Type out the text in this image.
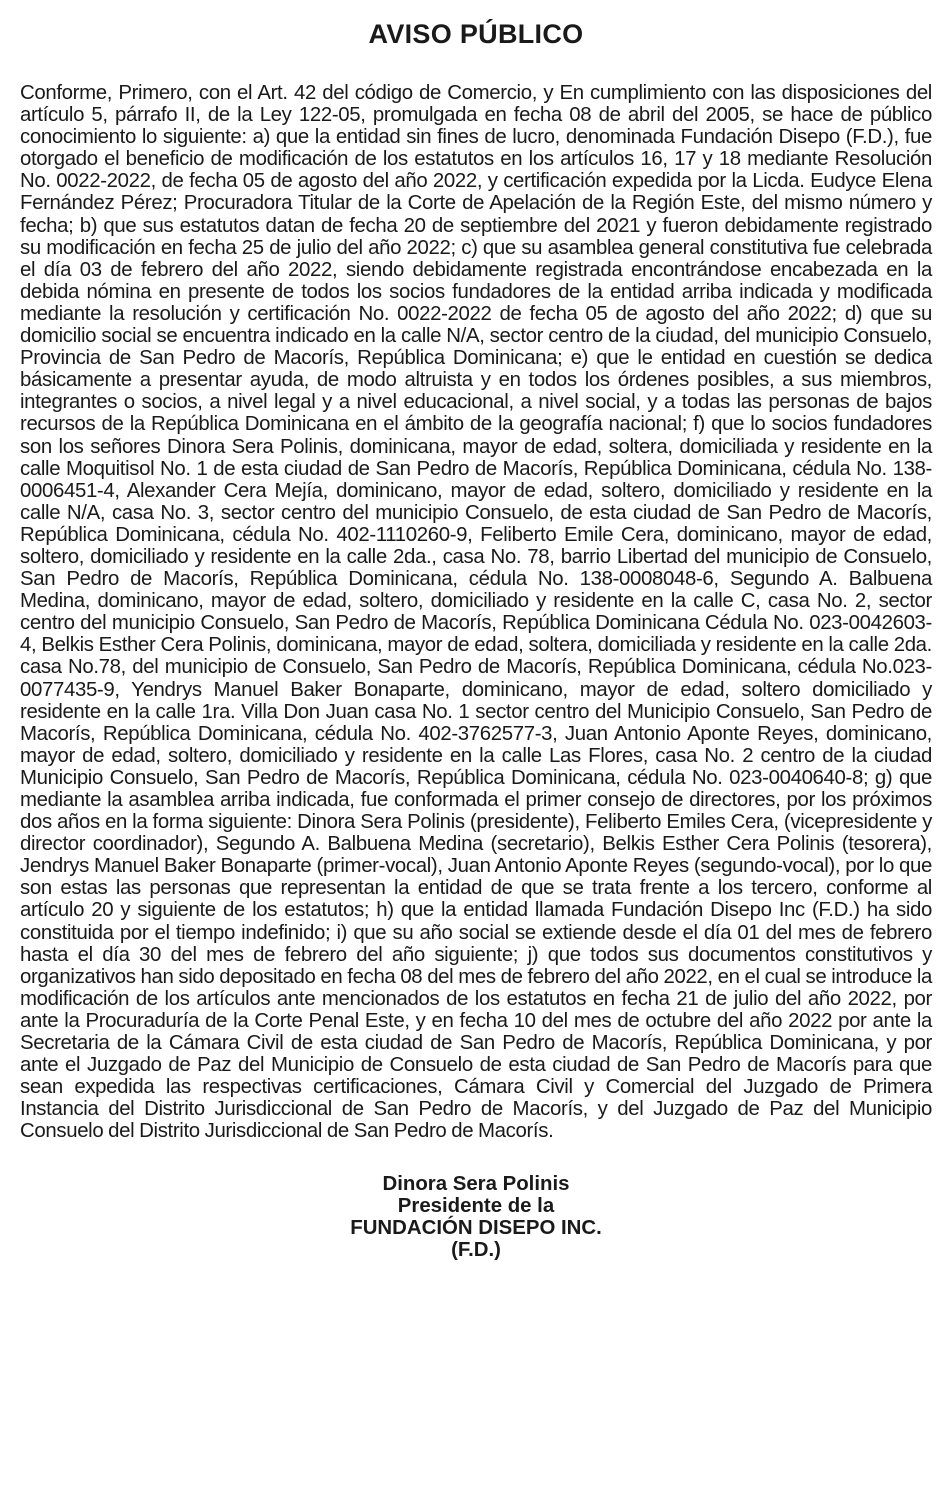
AVISO PÚBLICO

Conforme, Primero, con el Art. 42 del código de Comercio, y En cumplimiento con las disposiciones del artículo 5, párrafo II, de la Ley 122-05, promulgada en fecha 08 de abril del 2005, se hace de público conocimiento lo siguiente: a) que la entidad sin fines de lucro, denominada Fundación Disepo (F.D.), fue otorgado el beneficio de modificación de los estatutos en los artículos 16, 17 y 18 mediante Resolución No. 0022-2022, de fecha 05 de agosto del año 2022, y certificación expedida por la Licda. Eudyce Elena Fernández Pérez; Procuradora Titular de la Corte de Apelación de la Región Este, del mismo número y fecha; b) que sus estatutos datan de fecha 20 de septiembre del 2021 y fueron debidamente registrado su modificación en fecha 25 de julio del año 2022; c) que su asamblea general constitutiva fue celebrada el día 03 de febrero del año 2022, siendo debidamente registrada encontrándose encabezada en la debida nómina en presente de todos los socios fundadores de la entidad arriba indicada y modificada mediante la resolución y certificación No. 0022-2022 de fecha 05 de agosto del año 2022; d) que su domicilio social se encuentra indicado en la calle N/A, sector centro de la ciudad, del municipio Consuelo, Provincia de San Pedro de Macorís, República Dominicana; e) que le entidad en cuestión se dedica básicamente a presentar ayuda, de modo altruista y en todos los órdenes posibles, a sus miembros, integrantes o socios, a nivel legal y a nivel educacional, a nivel social, y a todas las personas de bajos recursos de la República Dominicana en el ámbito de la geografía nacional; f) que lo socios fundadores son los señores Dinora Sera Polinis, dominicana, mayor de edad, soltera, domiciliada y residente en la calle Moquitisol No. 1 de esta ciudad de San Pedro de Macorís, República Dominicana, cédula No. 138-0006451-4, Alexander Cera Mejía, dominicano, mayor de edad, soltero, domiciliado y residente en la calle N/A, casa No. 3, sector centro del municipio Consuelo, de esta ciudad de San Pedro de Macorís, República Dominicana, cédula No. 402-1110260-9, Feliberto Emile Cera, dominicano, mayor de edad, soltero, domiciliado y residente en la calle 2da., casa No. 78, barrio Libertad del municipio de Consuelo, San Pedro de Macorís, República Dominicana, cédula No. 138-0008048-6, Segundo A. Balbuena Medina, dominicano, mayor de edad, soltero, domiciliado y residente en la calle C, casa No. 2, sector centro del municipio Consuelo, San Pedro de Macorís, República Dominicana Cédula No. 023-0042603-4, Belkis Esther Cera Polinis, dominicana, mayor de edad, soltera, domiciliada y residente en la calle 2da. casa No.78, del municipio de Consuelo, San Pedro de Macorís, República Dominicana, cédula No.023-0077435-9, Yendrys Manuel Baker Bonaparte, dominicano, mayor de edad, soltero domiciliado y residente en la calle 1ra. Villa Don Juan casa No. 1 sector centro del Municipio Consuelo, San Pedro de Macorís, República Dominicana, cédula No. 402-3762577-3, Juan Antonio Aponte Reyes, dominicano, mayor de edad, soltero, domiciliado y residente en la calle Las Flores, casa No. 2 centro de la ciudad Municipio Consuelo, San Pedro de Macorís, República Dominicana, cédula No. 023-0040640-8; g) que mediante la asamblea arriba indicada, fue conformada el primer consejo de directores, por los próximos dos años en la forma siguiente: Dinora Sera Polinis (presidente), Feliberto Emiles Cera, (vicepresidente y director coordinador), Segundo A. Balbuena Medina (secretario), Belkis Esther Cera Polinis (tesorera), Jendrys Manuel Baker Bonaparte (primer-vocal), Juan Antonio Aponte Reyes (segundo-vocal), por lo que son estas las personas que representan la entidad de que se trata frente a los tercero, conforme al artículo 20 y siguiente de los estatutos; h) que la entidad llamada Fundación Disepo Inc (F.D.) ha sido constituida por el tiempo indefinido; i) que su año social se extiende desde el día 01 del mes de febrero hasta el día 30 del mes de febrero del año siguiente; j) que todos sus documentos constitutivos y organizativos han sido depositado en fecha 08 del mes de febrero del año 2022, en el cual se introduce la modificación de los artículos ante mencionados de los estatutos en fecha 21 de julio del año 2022, por ante la Procuraduría de la Corte Penal Este, y en fecha 10 del mes de octubre del año 2022 por ante la Secretaria de la Cámara Civil de esta ciudad de San Pedro de Macorís, República Dominicana, y por ante el Juzgado de Paz del Municipio de Consuelo de esta ciudad de San Pedro de Macorís para que sean expedida las respectivas certificaciones, Cámara Civil y Comercial del Juzgado de Primera Instancia del Distrito Jurisdiccional de San Pedro de Macorís, y del Juzgado de Paz del Municipio Consuelo del Distrito Jurisdiccional de San Pedro de Macorís.

Dinora Sera Polinis
Presidente de la
FUNDACIÓN DISEPO INC.
(F.D.)
